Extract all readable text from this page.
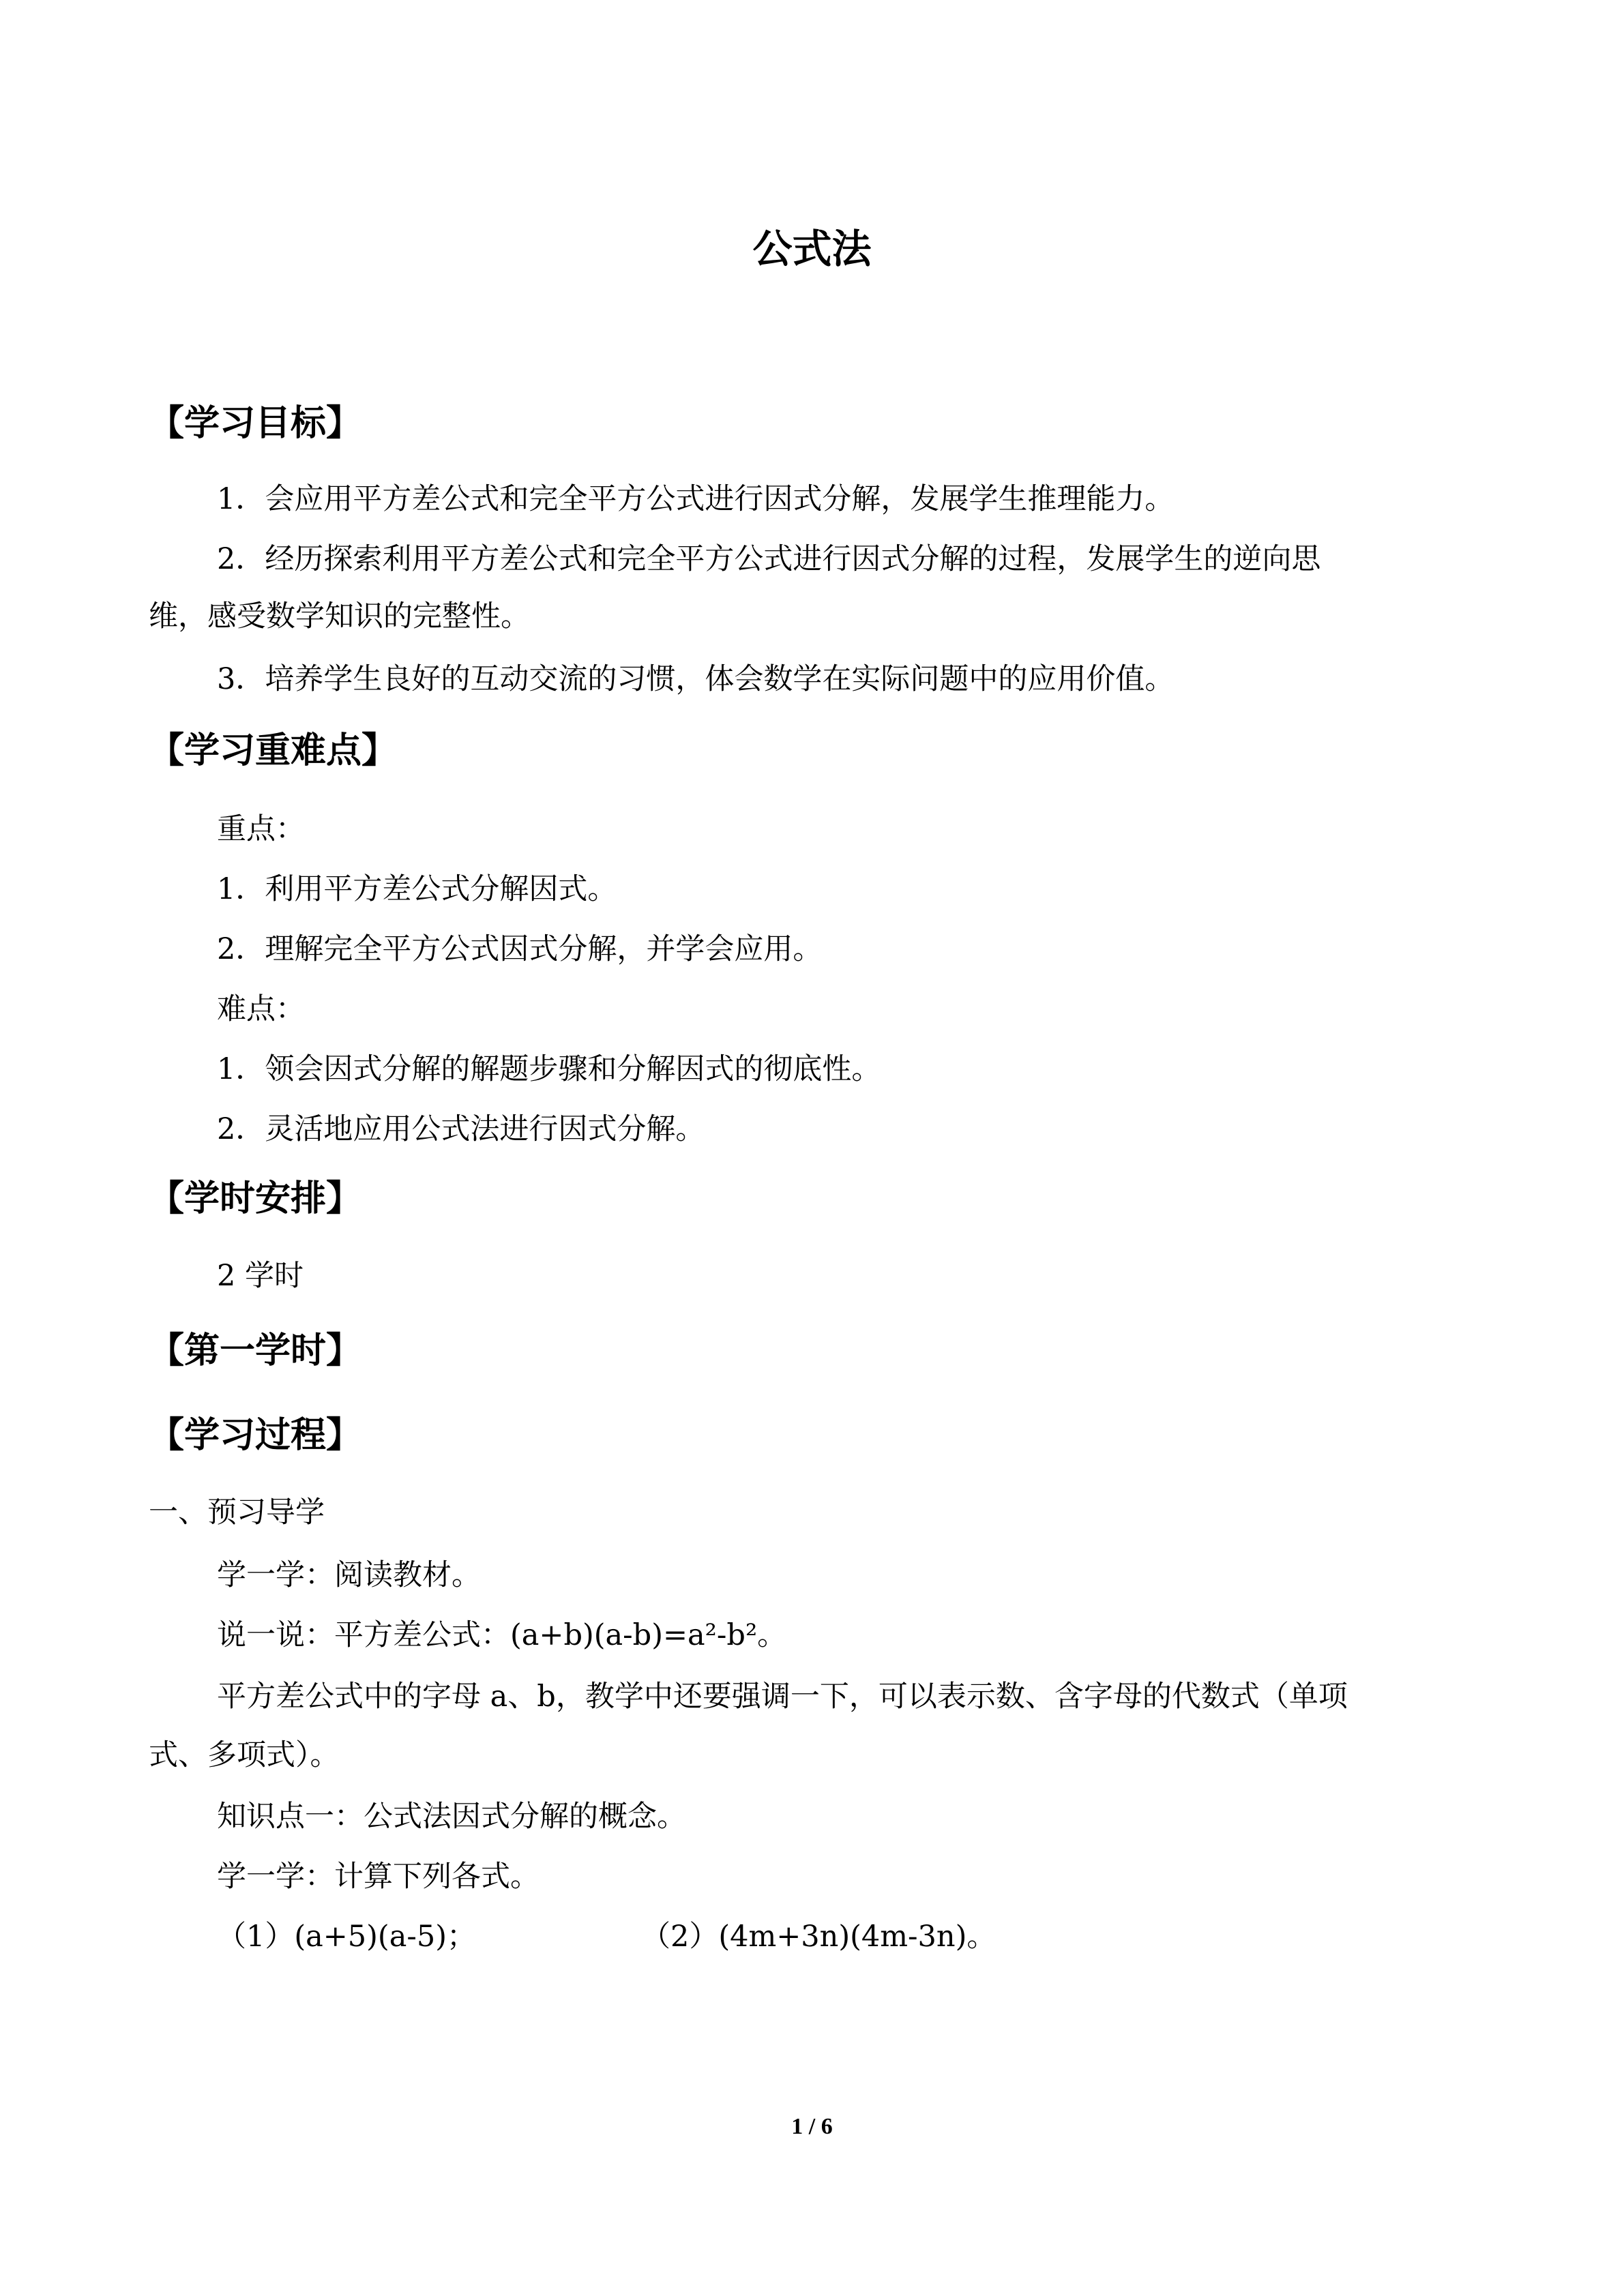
公式法
【学习目标】
1．会应用平方差公式和完全平方公式进行因式分解，发展学生推理能力。
2．经历探索利用平方差公式和完全平方公式进行因式分解的过程，发展学生的逆向思
维，感受数学知识的完整性。
3．培养学生良好的互动交流的习惯，体会数学在实际问题中的应用价值。
【学习重难点】
重点：
1．利用平方差公式分解因式。
2．理解完全平方公式因式分解，并学会应用。
难点：
1．领会因式分解的解题步骤和分解因式的彻底性。
2．灵活地应用公式法进行因式分解。
【学时安排】
2 学时
【第一学时】
【学习过程】
一、预习导学
学一学：阅读教材。
说一说：平方差公式：(a+b)(a-b)=a²-b²。
平方差公式中的字母 a、b，教学中还要强调一下，可以表示数、含字母的代数式（单项
式、多项式）。
知识点一：公式法因式分解的概念。
学一学：计算下列各式。
（1）(a+5)(a-5)；	（2）(4m+3n)(4m-3n)。
1 / 6
